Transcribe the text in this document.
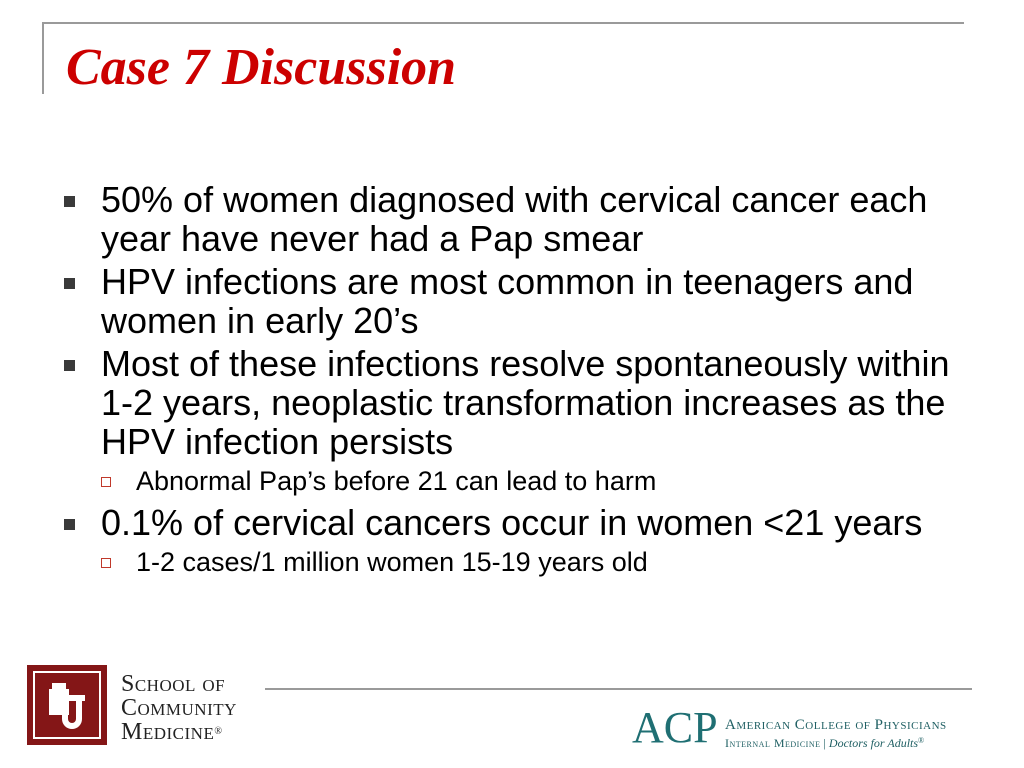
Case 7 Discussion
50% of women diagnosed with cervical cancer each year have never had a Pap smear
HPV infections are most common in teenagers and women in early 20’s
Most of these infections resolve spontaneously within 1-2 years, neoplastic transformation increases as the HPV infection persists
Abnormal Pap’s before 21 can lead to harm
0.1% of cervical cancers occur in women <21 years
1-2 cases/1 million women 15-19 years old
School of
Community
Medicine®	ACP American College of Physicians
Internal Medicine | Doctors for Adults®
